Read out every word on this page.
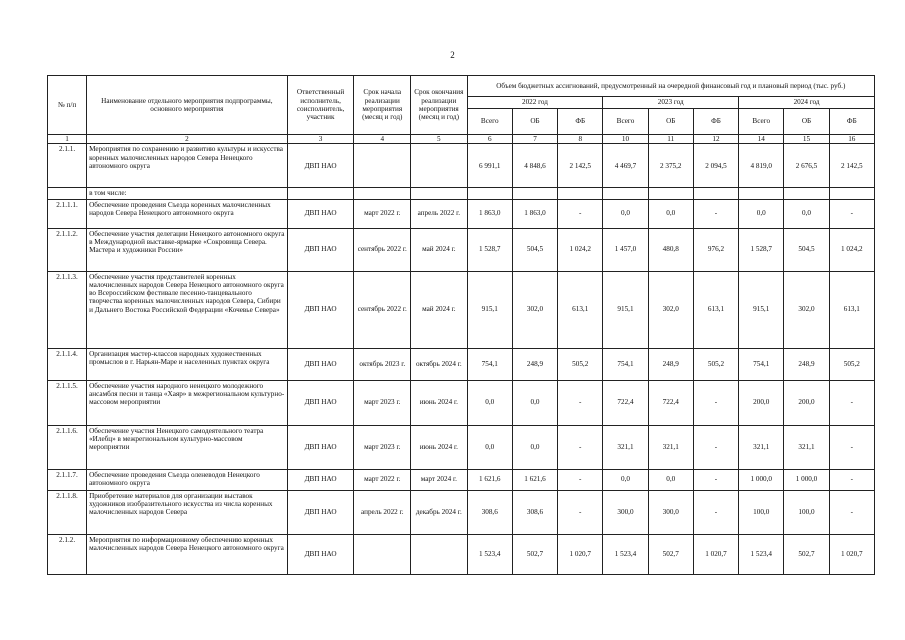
2
№ п/п	Наименование отдельного мероприятия подпрограммы, основного мероприятия	Ответственный исполнитель, соисполнитель, участник	Срок начала реализации мероприятия (месяц и год)	Срок окончания реализации мероприятия (месяц и год)	Объем бюджетных ассигнований, предусмотренный на очередной финансовый год и плановый период (тыс. руб.)								
					2022 год			2023 год			2024 год		
					Всего	ОБ	ФБ	Всего	ОБ	ФБ	Всего	ОБ	ФБ
1	2	3	4	5	6	7	8	10	11	12	14	15	16
2.1.1.	Мероприятия по сохранению и развитию культуры и искусства коренных малочисленных народов Севера Ненецкого автономного округа	ДВП НАО			6 991,1	4 848,6	2 142,5	4 469,7	2 375,2	2 094,5	4 819,0	2 676,5	2 142,5
	в том числе:												
2.1.1.1.	Обеспечение проведения Съезда коренных малочисленных народов Севера Ненецкого автономного округа	ДВП НАО	март 2022 г.	апрель 2022 г.	1 863,0	1 863,0	-	0,0	0,0	-	0,0	0,0	-
2.1.1.2.	Обеспечение участия делегации Ненецкого автономного округа в Международной выставке-ярмарке «Сокровища Севера. Мастера и художники России»	ДВП НАО	сентябрь 2022 г.	май 2024 г.	1 528,7	504,5	1 024,2	1 457,0	480,8	976,2	1 528,7	504,5	1 024,2
2.1.1.3.	Обеспечение участия представителей коренных малочисленных народов Севера Ненецкого автономного округа во Всероссийском фестивале песенно-танцевального творчества коренных малочисленных народов Севера, Сибири и Дальнего Востока Российской Федерации «Кочевье Севера»	ДВП НАО	сентябрь 2022 г.	май 2024 г.	915,1	302,0	613,1	915,1	302,0	613,1	915,1	302,0	613,1
2.1.1.4.	Организация мастер-классов народных художественных промыслов в г. Нарьян-Маре и населенных пунктах округа	ДВП НАО	октябрь 2023 г.	октябрь 2024 г.	754,1	248,9	505,2	754,1	248,9	505,2	754,1	248,9	505,2
2.1.1.5.	Обеспечение участия народного ненецкого молодежного ансамбля песни и танца «Хаяр» в межрегиональном культурно-массовом мероприятии	ДВП НАО	март 2023 г.	июнь 2024 г.	0,0	0,0	-	722,4	722,4	-	200,0	200,0	-
2.1.1.6.	Обеспечение участия Ненецкого самодеятельного театра «Илебц» в межрегиональном культурно-массовом мероприятии	ДВП НАО	март 2023 г.	июнь 2024 г.	0,0	0,0	-	321,1	321,1	-	321,1	321,1	-
2.1.1.7.	Обеспечение проведения Съезда оленеводов Ненецкого автономного округа	ДВП НАО	март 2022 г.	март 2024 г.	1 621,6	1 621,6	-	0,0	0,0	-	1 000,0	1 000,0	-
2.1.1.8.	Приобретение материалов для организации выставок художников изобразительного искусства из числа коренных малочисленных народов Севера	ДВП НАО	апрель 2022 г.	декабрь 2024 г.	308,6	308,6	-	300,0	300,0	-	100,0	100,0	-
2.1.2.	Мероприятия по информационному обеспечению коренных малочисленных народов Севера Ненецкого автономного округа	ДВП НАО			1 523,4	502,7	1 020,7	1 523,4	502,7	1 020,7	1 523,4	502,7	1 020,7
